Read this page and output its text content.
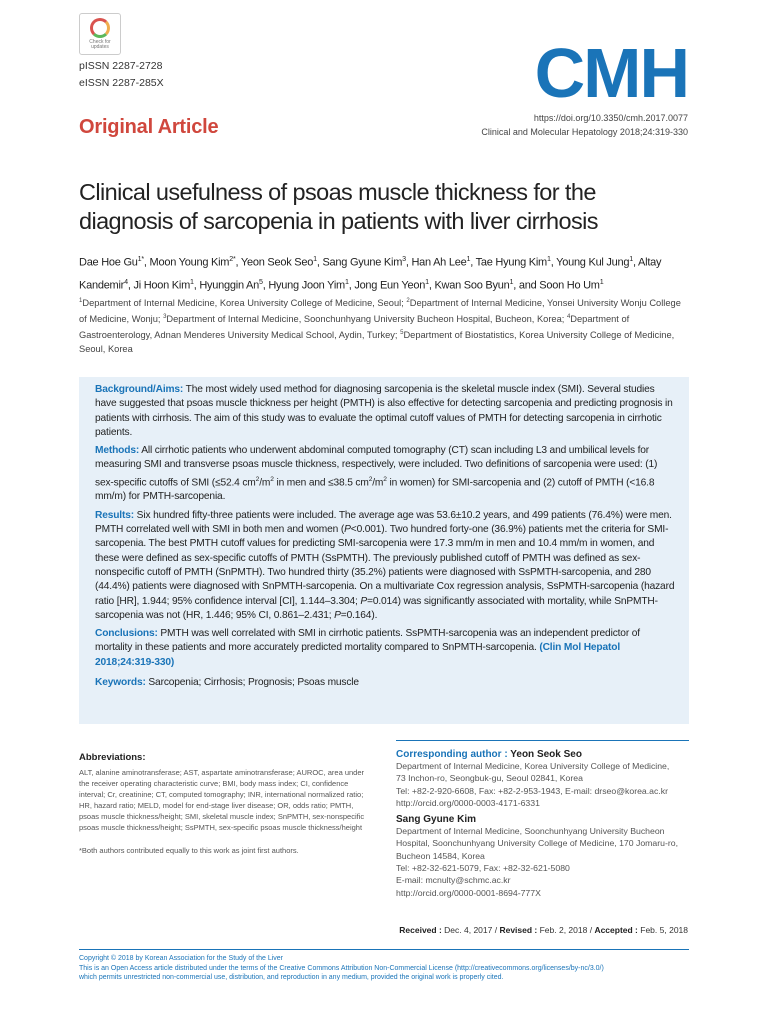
Check for updates
pISSN 2287-2728
eISSN 2287-285X
Original Article
CMH
https://doi.org/10.3350/cmh.2017.0077
Clinical and Molecular Hepatology 2018;24:319-330
Clinical usefulness of psoas muscle thickness for the
diagnosis of sarcopenia in patients with liver cirrhosis
Dae Hoe $Gu^{1*}$, Moon Young Kim$^{2*}$, Yeon Seok Seo$^1$, Sang Gyune Kim$^3$, Han Ah Lee$^1$, Tae Hyung Kim$^1$, Young Kul Jung$^1$, Altay Kandemir$^4$, Ji Hoon Kim$^1$, Hyunggin An$^5$, Hyung Joon Yim$^1$, Jong Eun Yeon$^1$, Kwan Soo Byun$^1$, and Soon Ho Um$^1$
$^1$Department of Internal Medicine, Korea University College of Medicine, Seoul; $^2$Department of Internal Medicine, Yonsei University Wonju College of Medicine, Wonju; $^3$Department of Internal Medicine, Soonchunhyang University Bucheon Hospital, Bucheon, Korea; $^4$Department of Gastroenterology, Adnan Menderes University Medical School, Aydin, Turkey; $^5$Department of Biostatistics, Korea University College of Medicine, Seoul, Korea

Background/Aims: The most widely used method for diagnosing sarcopenia is the skeletal muscle index (SMI). Several studies have suggested that psoas muscle thickness per height (PMTH) is also effective for detecting sarcopenia and predicting prognosis in patients with cirrhosis. The aim of this study was to evaluate the optimal cutoff values of PMTH for detecting sarcopenia in cirrhotic patients.

Methods: All cirrhotic patients who underwent abdominal computed tomography (CT) scan including L3 and umbilical levels for measuring SMI and transverse psoas muscle thickness, respectively, were included. Two definitions of sarcopenia were used: (1) sex-specific cutoffs of SMI (≤52.4 $cm^2/m^2$ in men and ≤38.5 $cm^2/m^2$ in women) for SMI-sarcopenia and (2) cutoff of PMTH (<16.8 mm/m) for PMTH-sarcopenia.

Results: Six hundred fifty-three patients were included. The average age was 53.6±10.2 years, and 499 patients (76.4%) were men. PMTH correlated well with SMI in both men and women (P<0.001). Two hundred forty-one (36.9%) patients met the criteria for SMI-sarcopenia. The best PMTH cutoff values for predicting SMI-sarcopenia were 17.3 mm/m in men and 10.4 mm/m in women, and these were defined as sex-specific cutoffs of PMTH (SsPMTH). The previously published cutoff of PMTH was defined as sex-nonspecific cutoff of PMTH (SnPMTH). Two hundred thirty (35.2%) patients were diagnosed with SsPMTH-sarcopenia, and 280 (44.4%) patients were diagnosed with SnPMTH-sarcopenia. On a multivariate Cox regression analysis, SsPMTH-sarcopenia (hazard ratio [HR], 1.944; 95% confidence interval [CI], 1.144–3.304; P=0.014) was significantly associated with mortality, while SnPMTH-sarcopenia was not (HR, 1.446; 95% CI, 0.861–2.431; P=0.164).

Conclusions: PMTH was well correlated with SMI in cirrhotic patients. SsPMTH-sarcopenia was an independent predictor of mortality in these patients and more accurately predicted mortality compared to SnPMTH-sarcopenia. (Clin Mol Hepatol 2018;24:319-330)

Keywords: Sarcopenia; Cirrhosis; Prognosis; Psoas muscle

Abbreviations:
ALT, alanine aminotransferase; AST, aspartate aminotransferase; AUROC, area under the receiver operating characteristic curve; BMI, body mass index; CI, confidence interval; Cr, creatinine; CT, computed tomography; INR, international normalized ratio; HR, hazard ratio; MELD, model for end-stage liver disease; OR, odds ratio; PMTH, psoas muscle thickness/height; SMI, skeletal muscle index; SnPMTH, sex-nonspecific psoas muscle thickness/height; SsPMTH, sex-specific psoas muscle thickness/height
*Both authors contributed equally to this work as joint first authors.
Corresponding author : Yeon Seok Seo
Department of Internal Medicine, Korea University College of Medicine,
73 Inchon-ro, Seongbuk-gu, Seoul 02841, Korea
Tel: +82-2-920-6608, Fax: +82-2-953-1943, E-mail: drseo@korea.ac.kr
http://orcid.org/0000-0003-4171-6331
Sang Gyune Kim
Department of Internal Medicine, Soonchunhyang University Bucheon
Hospital, Soonchunhyang University College of Medicine, 170 Jomaru-ro,
Bucheon 14584, Korea
Tel: +82-32-621-5079, Fax: +82-32-621-5080
E-mail: mcnulty@schmc.ac.kr
http://orcid.org/0000-0001-8694-777X
Received : Dec. 4, 2017 / Revised : Feb. 2, 2018 / Accepted : Feb. 5, 2018
Copyright © 2018 by Korean Association for the Study of the Liver
This is an Open Access article distributed under the terms of the Creative Commons Attribution Non-Commercial License (http://creativecommons.org/licenses/by-nc/3.0/)
which permits unrestricted non-commercial use, distribution, and reproduction in any medium, provided the original work is properly cited.
